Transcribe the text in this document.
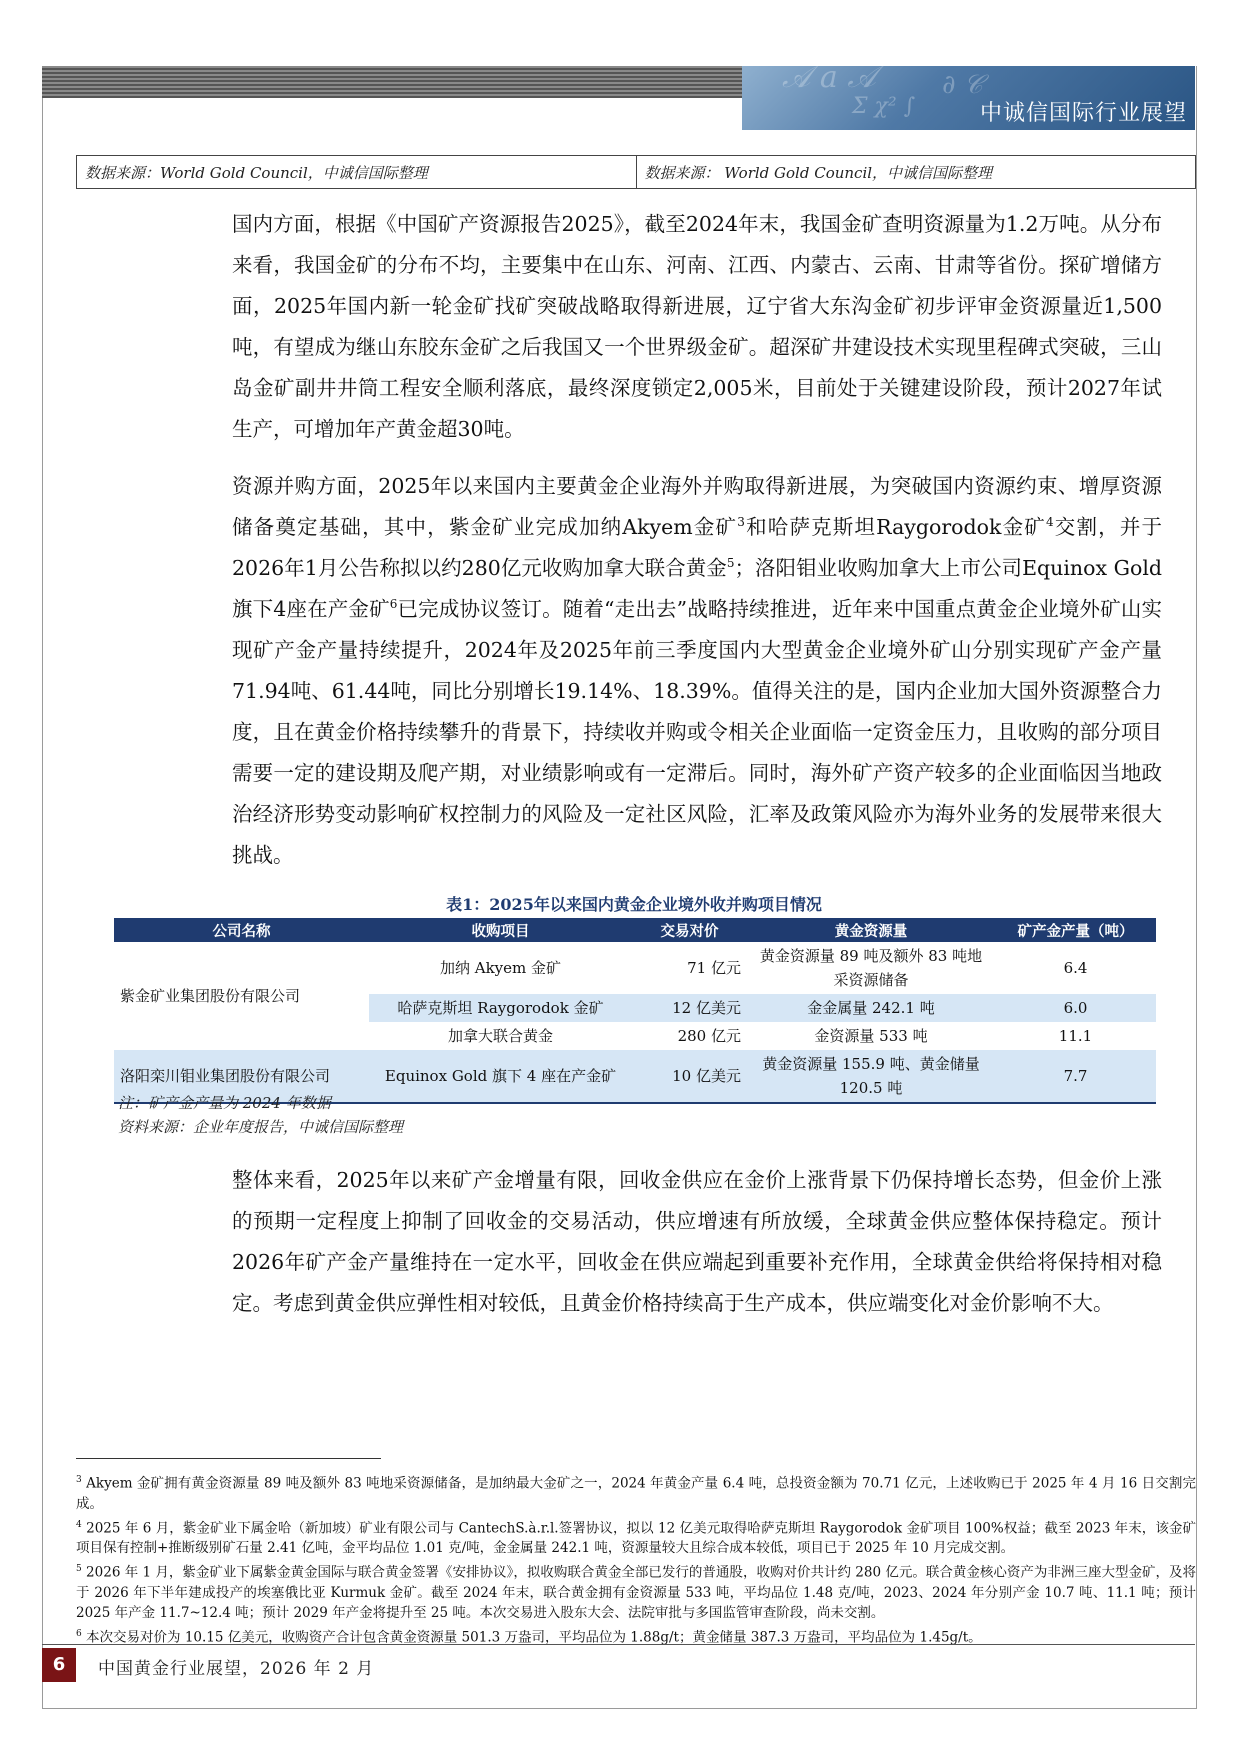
𝒜 a 𝒜	∂ 𝒞
Σ χ² ∫	中诚信国际行业展望
数据来源：World Gold Council，中诚信国际整理	数据来源： World Gold Council，中诚信国际整理
国内方面，根据《中国矿产资源报告2025》，截至2024年末，我国金矿查明资源量为1.2万吨。从分布来看，我国金矿的分布不均，主要集中在山东、河南、江西、内蒙古、云南、甘肃等省份。探矿增储方面，2025年国内新一轮金矿找矿突破战略取得新进展，辽宁省大东沟金矿初步评审金资源量近1,500吨，有望成为继山东胶东金矿之后我国又一个世界级金矿。超深矿井建设技术实现里程碑式突破，三山岛金矿副井井筒工程安全顺利落底，最终深度锁定2,005米，目前处于关键建设阶段，预计2027年试生产，可增加年产黄金超30吨。
资源并购方面，2025年以来国内主要黄金企业海外并购取得新进展，为突破国内资源约束、增厚资源储备奠定基础，其中，紫金矿业完成加纳Akyem金矿$^3$和哈萨克斯坦Raygorodok金矿$^4$交割，并于2026年1月公告称拟以约280亿元收购加拿大联合黄金$^5$；洛阳钼业收购加拿大上市公司Equinox Gold旗下4座在产金矿$^6$已完成协议签订。随着“走出去”战略持续推进，近年来中国重点黄金企业境外矿山实现矿产金产量持续提升，2024年及2025年前三季度国内大型黄金企业境外矿山分别实现矿产金产量71.94吨、61.44吨，同比分别增长19.14%、18.39%。值得关注的是，国内企业加大国外资源整合力度，且在黄金价格持续攀升的背景下，持续收并购或令相关企业面临一定资金压力，且收购的部分项目需要一定的建设期及爬产期，对业绩影响或有一定滞后。同时，海外矿产资产较多的企业面临因当地政治经济形势变动影响矿权控制力的风险及一定社区风险，汇率及政策风险亦为海外业务的发展带来很大挑战。
表1：2025年以来国内黄金企业境外收并购项目情况
公司名称	收购项目	交易对价	黄金资源量	矿产金产量（吨）
紫金矿业集团股份有限公司	加纳 Akyem 金矿	71 亿元	黄金资源量 89 吨及额外 83 吨地采资源储备	6.4
	哈萨克斯坦 Raygorodok 金矿	12 亿美元	金金属量 242.1 吨	6.0
	加拿大联合黄金	280 亿元	金资源量 533 吨	11.1
洛阳栾川钼业集团股份有限公司	Equinox Gold 旗下 4 座在产金矿	10 亿美元	黄金资源量 155.9 吨、黄金储量 120.5 吨	7.7
注：矿产金产量为 2024 年数据
资料来源：企业年度报告，中诚信国际整理
整体来看，2025年以来矿产金增量有限，回收金供应在金价上涨背景下仍保持增长态势，但金价上涨的预期一定程度上抑制了回收金的交易活动，供应增速有所放缓，全球黄金供应整体保持稳定。预计2026年矿产金产量维持在一定水平，回收金在供应端起到重要补充作用，全球黄金供给将保持相对稳定。考虑到黄金供应弹性相对较低，且黄金价格持续高于生产成本，供应端变化对金价影响不大。

$^3$ Akyem 金矿拥有黄金资源量 89 吨及额外 83 吨地采资源储备，是加纳最大金矿之一，2024 年黄金产量 6.4 吨，总投资金额为 70.71 亿元，上述收购已于 2025 年 4 月 16 日交割完成。

$^4$ 2025 年 6 月，紫金矿业下属金哈（新加坡）矿业有限公司与 CantechS.à.r.l.签署协议，拟以 12 亿美元取得哈萨克斯坦 Raygorodok 金矿项目 100%权益；截至 2023 年末，该金矿项目保有控制+推断级别矿石量 2.41 亿吨，金平均品位 1.01 克/吨，金金属量 242.1 吨，资源量较大且综合成本较低，项目已于 2025 年 10 月完成交割。

$^5$ 2026 年 1 月，紫金矿业下属紫金黄金国际与联合黄金签署《安排协议》，拟收购联合黄金全部已发行的普通股，收购对价共计约 280 亿元。联合黄金核心资产为非洲三座大型金矿，及将于 2026 年下半年建成投产的埃塞俄比亚 Kurmuk 金矿。截至 2024 年末，联合黄金拥有金资源量 533 吨，平均品位 1.48 克/吨，2023、2024 年分别产金 10.7 吨、11.1 吨；预计 2025 年产金 11.7~12.4 吨；预计 2029 年产金将提升至 25 吨。本次交易进入股东大会、法院审批与多国监管审查阶段，尚未交割。

$^6$ 本次交易对价为 10.15 亿美元，收购资产合计包含黄金资源量 501.3 万盎司，平均品位为 1.88g/t；黄金储量 387.3 万盎司，平均品位为 1.45g/t。

6	中国黄金行业展望，2026 年 2 月
